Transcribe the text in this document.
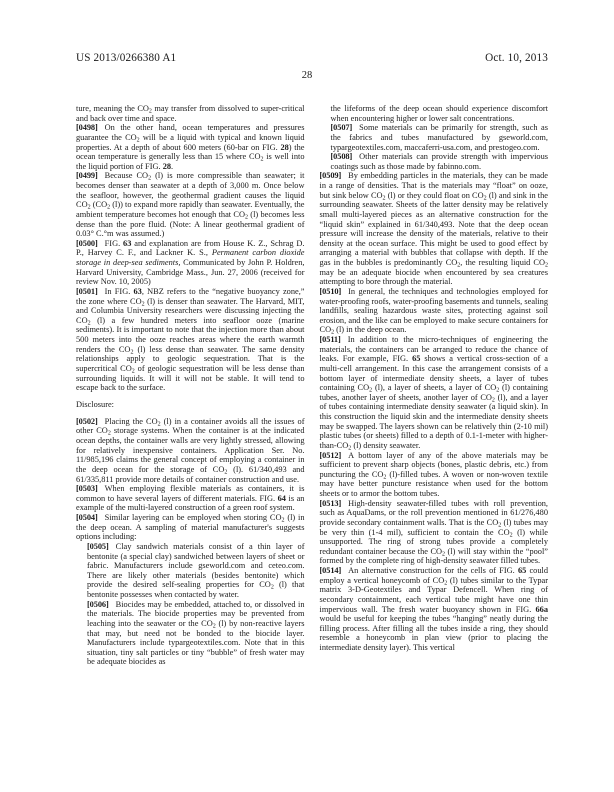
US 2013/0266380 A1	Oct. 10, 2013
28

ture, meaning the $CO_2$ may transfer from dissolved to super-critical and back over time and space.

[0498] On the other hand, ocean temperatures and pressures guarantee the $CO_2$ will be a liquid with typical and known liquid properties. At a depth of about 600 meters (60-bar on FIG. 28) the ocean temperature is generally less than 15 where $CO_2$ is well into the liquid portion of FIG. 28.

[0499] Because $CO_2$ (l) is more compressible than seawater; it becomes denser than seawater at a depth of 3,000 m. Once below the seafloor, however, the geothermal gradient causes the liquid $CO_2$ ($CO_2$ (l)) to expand more rapidly than seawater. Eventually, the ambient temperature becomes hot enough that $CO_2$ (l) becomes less dense than the pore fluid. (Note: A linear geothermal gradient of 0.03° C.°m was assumed.)

[0500] FIG. 63 and explanation are from House K. Z., Schrag D. P., Harvey C. F., and Lackner K. S., Permanent carbon dioxide storage in deep-sea sediments, Communicated by John P. Holdren, Harvard University, Cambridge Mass., Jun. 27, 2006 (received for review Nov. 10, 2005)

[0501] In FIG. 63, NBZ refers to the “negative buoyancy zone,” the zone where $CO_2$ (l) is denser than seawater. The Harvard, MIT, and Columbia University researchers were discussing injecting the $CO_2$ (l) a few hundred meters into seafloor ooze (marine sediments). It is important to note that the injection more than about 500 meters into the ooze reaches areas where the earth warmth renders the $CO_2$ (l) less dense than seawater. The same density relationships apply to geologic sequestration. That is the supercritical $CO_2$ of geologic sequestration will be less dense than surrounding liquids. It will it will not be stable. It will tend to escape back to the surface.

Disclosure:

[0502] Placing the $CO_2$ (l) in a container avoids all the issues of other $CO_2$ storage systems. When the container is at the indicated ocean depths, the container walls are very lightly stressed, allowing for relatively inexpensive containers. Application Ser. No. 11/985,196 claims the general concept of employing a container in the deep ocean for the storage of $CO_2$ (l). 61/340,493 and 61/335,811 provide more details of container construction and use.

[0503] When employing flexible materials as containers, it is common to have several layers of different materials. FIG. 64 is an example of the multi-layered construction of a green roof system.

[0504] Similar layering can be employed when storing $CO_2$ (l) in the deep ocean. A sampling of material manufacturer's suggests options including:

[0505] Clay sandwich materials consist of a thin layer of bentonite (a special clay) sandwiched between layers of sheet or fabric. Manufacturers include gseworld.com and ceteo.com. There are likely other materials (besides bentonite) which provide the desired self-sealing properties for $CO_2$ (l) that bentonite possesses when contacted by water.

[0506] Biocides may be embedded, attached to, or dissolved in the materials. The biocide properties may be prevented from leaching into the seawater or the $CO_2$ (l) by non-reactive layers that may, but need not be bonded to the biocide layer. Manufacturers include typargeotextiles.com. Note that in this situation, tiny salt particles or tiny “bubble” of fresh water may be adequate biocides as

the lifeforms of the deep ocean should experience discomfort when encountering higher or lower salt concentrations.

[0507] Some materials can be primarily for strength, such as the fabrics and tubes manufactured by gseworld.com, typargeotextiles.com, maccaferri-usa.com, and prestogeo.com.

[0508] Other materials can provide strength with impervious coatings such as those made by fabinno.com.

[0509] By embedding particles in the materials, they can be made in a range of densities. That is the materials may “float” on ooze, but sink below $CO_2$ (l) or they could float on $CO_2$ (l) and sink in the surrounding seawater. Sheets of the latter density may be relatively small multi-layered pieces as an alternative construction for the “liquid skin” explained in 61/340,493. Note that the deep ocean pressure will increase the density of the materials, relative to their density at the ocean surface. This might be used to good effect by arranging a material with bubbles that collapse with depth. If the gas in the bubbles is predominantly $CO_2$, the resulting liquid $CO_2$ may be an adequate biocide when encountered by sea creatures attempting to bore through the material.

[0510] In general, the techniques and technologies employed for water-proofing roofs, water-proofing basements and tunnels, sealing landfills, sealing hazardous waste sites, protecting against soil erosion, and the like can be employed to make secure containers for $CO_2$ (l) in the deep ocean.

[0511] In addition to the micro-techniques of engineering the materials, the containers can be arranged to reduce the chance of leaks. For example, FIG. 65 shows a vertical cross-section of a multi-cell arrangement. In this case the arrangement consists of a bottom layer of intermediate density sheets, a layer of tubes containing $CO_2$ (l), a layer of sheets, a layer of $CO_2$ (l) containing tubes, another layer of sheets, another layer of $CO_2$ (l), and a layer of tubes containing intermediate density seawater (a liquid skin). In this construction the liquid skin and the intermediate density sheets may be swapped. The layers shown can be relatively thin (2-10 mil) plastic tubes (or sheets) filled to a depth of 0.1-1-meter with higher-$than-CO_2$ (l) density seawater.

[0512] A bottom layer of any of the above materials may be sufficient to prevent sharp objects (bones, plastic debris, etc.) from puncturing the $CO_2$ (l)-filled tubes. A woven or non-woven textile may have better puncture resistance when used for the bottom sheets or to armor the bottom tubes.

[0513] High-density seawater-filled tubes with roll prevention, such as AquaDams, or the roll prevention mentioned in 61/276,480 provide secondary containment walls. That is the $CO_2$ (l) tubes may be very thin (1-4 mil), sufficient to contain the $CO_2$ (l) while unsupported. The ring of strong tubes provide a completely redundant container because the $CO_2$ (l) will stay within the “pool” formed by the complete ring of high-density seawater filled tubes.

[0514] An alternative construction for the cells of FIG. 65 could employ a vertical honeycomb of $CO_2$ (l) tubes similar to the Typar matrix 3-D-Geotextiles and Typar Defencell. When ring of secondary containment, each vertical tube might have one thin impervious wall. The fresh water buoyancy shown in FIG. 66a would be useful for keeping the tubes “hanging” neatly during the filling process. After filling all the tubes inside a ring, they should resemble a honeycomb in plan view (prior to placing the intermediate density layer). This vertical
